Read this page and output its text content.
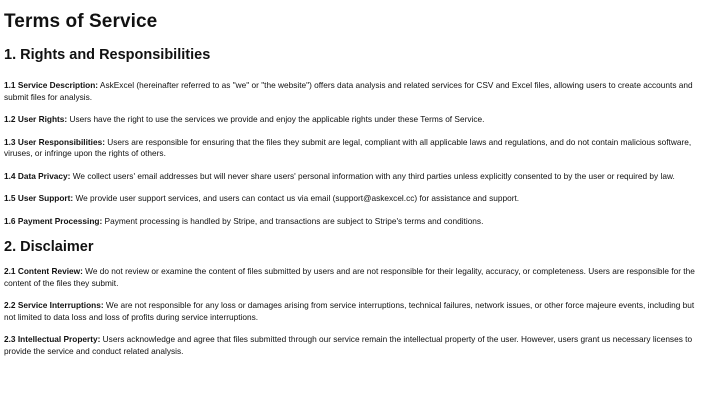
Terms of Service
1. Rights and Responsibilities

1.1 Service Description: AskExcel (hereinafter referred to as "we" or "the website") offers data analysis and related services for CSV and Excel files, allowing users to create accounts and submit files for analysis.

1.2 User Rights: Users have the right to use the services we provide and enjoy the applicable rights under these Terms of Service.

1.3 User Responsibilities: Users are responsible for ensuring that the files they submit are legal, compliant with all applicable laws and regulations, and do not contain malicious software, viruses, or infringe upon the rights of others.

1.4 Data Privacy: We collect users' email addresses but will never share users' personal information with any third parties unless explicitly consented to by the user or required by law.

1.5 User Support: We provide user support services, and users can contact us via email (support@askexcel.cc) for assistance and support.

1.6 Payment Processing: Payment processing is handled by Stripe, and transactions are subject to Stripe's terms and conditions.

2. Disclaimer

2.1 Content Review: We do not review or examine the content of files submitted by users and are not responsible for their legality, accuracy, or completeness. Users are responsible for the content of the files they submit.

2.2 Service Interruptions: We are not responsible for any loss or damages arising from service interruptions, technical failures, network issues, or other force majeure events, including but not limited to data loss and loss of profits during service interruptions.

2.3 Intellectual Property: Users acknowledge and agree that files submitted through our service remain the intellectual property of the user. However, users grant us necessary licenses to provide the service and conduct related analysis.
